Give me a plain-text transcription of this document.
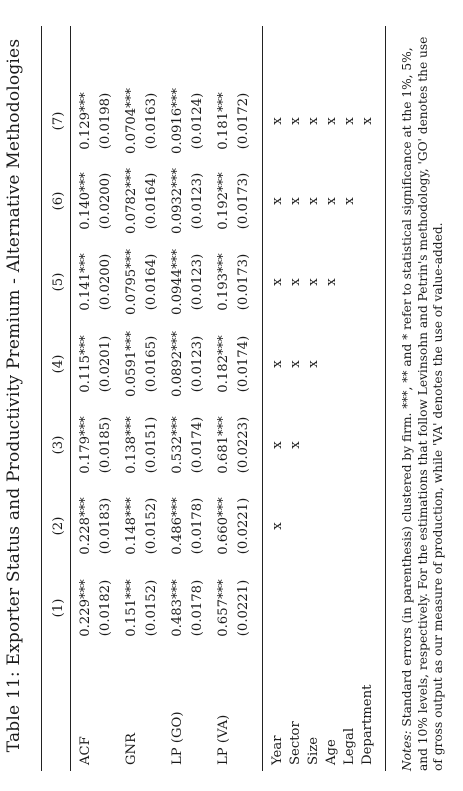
Table 11: Exporter Status and Productivity Premium - Alternative Methodologies (1)
(2)
(3)
(4)
(5)
(6)
(7)
ACF
0.229***
0.228***
0.179***
0.115***
0.141***
0.140***
0.129***
(0.0182)
(0.0183)
(0.0185)
(0.0201)
(0.0200)
(0.0200)
(0.0198)
GNR
0.151***
0.148***
0.138***
0.0591***
0.0795***
0.0782***
0.0704***
(0.0152)
(0.0152)
(0.0151)
(0.0165)
(0.0164)
(0.0164)
(0.0163)
LP (GO)
0.483***
0.486***
0.532***
0.0892***
0.0944***
0.0932***
0.0916***
(0.0178)
(0.0178)
(0.0174)
(0.0123)
(0.0123)
(0.0123)
(0.0124)
LP (VA)
0.657***
0.660***
0.681***
0.182***
0.193***
0.192***
0.181***
(0.0221)
(0.0221)
(0.0223)
(0.0174)
(0.0173)
(0.0173)
(0.0172)
Year
x
x
x
x
x
x
Sector
x
x
x
x
x
Size
x
x
x
x
Age
x
x
x
Legal
x
x
Department
x
Notes: Standard errors (in parenthesis) clustered by firm. ***, ** and * refer to statistical significance at the 1%, 5%, and 10% levels, respectively. For the estimations that follow Levinsohn and Petrin's methodology, 'GO' denotes the use of gross output as our measure of production, while 'VA' denotes the use of value-added.
